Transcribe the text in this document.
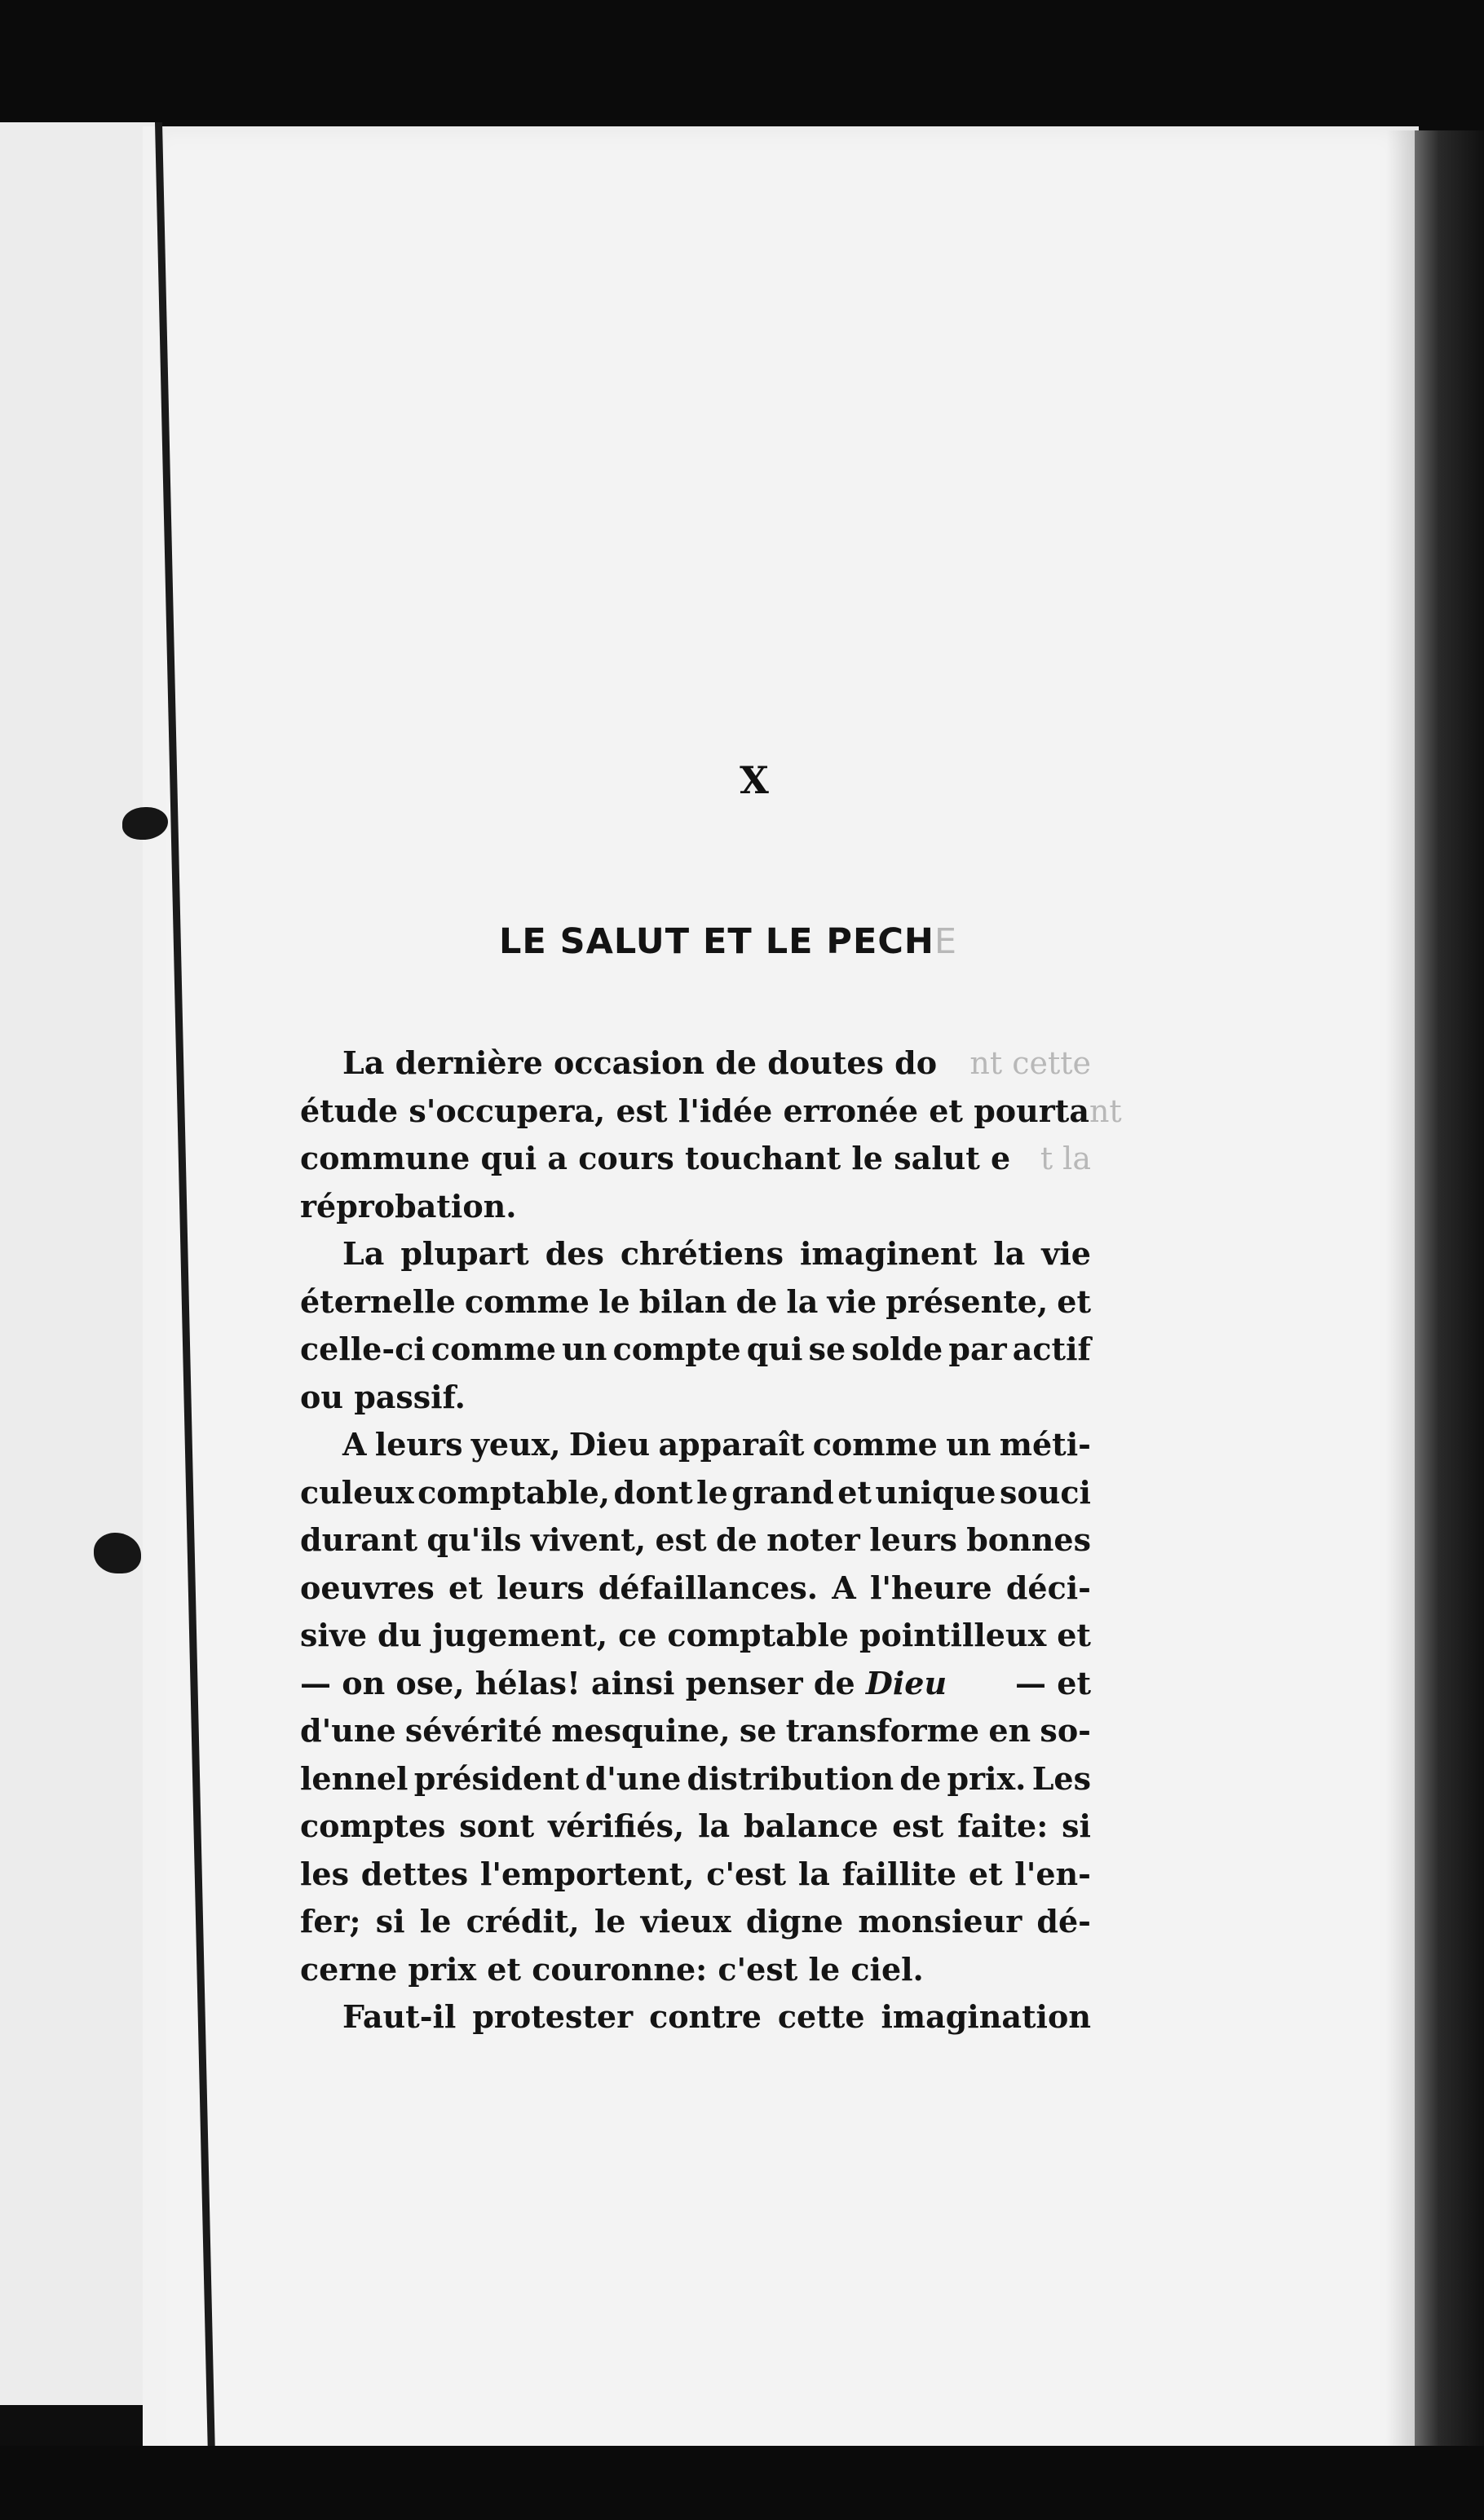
X
LE SALUT ET LE PECHE
La dernière occasion de doutes do nt cette
étude s'occupera, est l'idée erronée et pourta nt
commune qui a cours touchant le salut e t la
réprobation.
La plupart des chrétiens imaginent la vie
éternelle comme le bilan de la vie présente, et
celle-ci comme un compte qui se solde par actif
ou passif.
A leurs yeux, Dieu apparaît comme un méti-
culeux comptable, dont le grand et unique souci
durant qu'ils vivent, est de noter leurs bonnes
oeuvres et leurs défaillances. A l'heure déci-
sive du jugement, ce comptable pointilleux et
— on ose, hélas! ainsi penser de Dieu — et
d'une sévérité mesquine, se transforme en so-
lennel président d'une distribution de prix. Les
comptes sont vérifiés, la balance est faite: si
les dettes l'emportent, c'est la faillite et l'en-
fer; si le crédit, le vieux digne monsieur dé-
cerne prix et couronne: c'est le ciel.
Faut-il protester contre cette imagination
